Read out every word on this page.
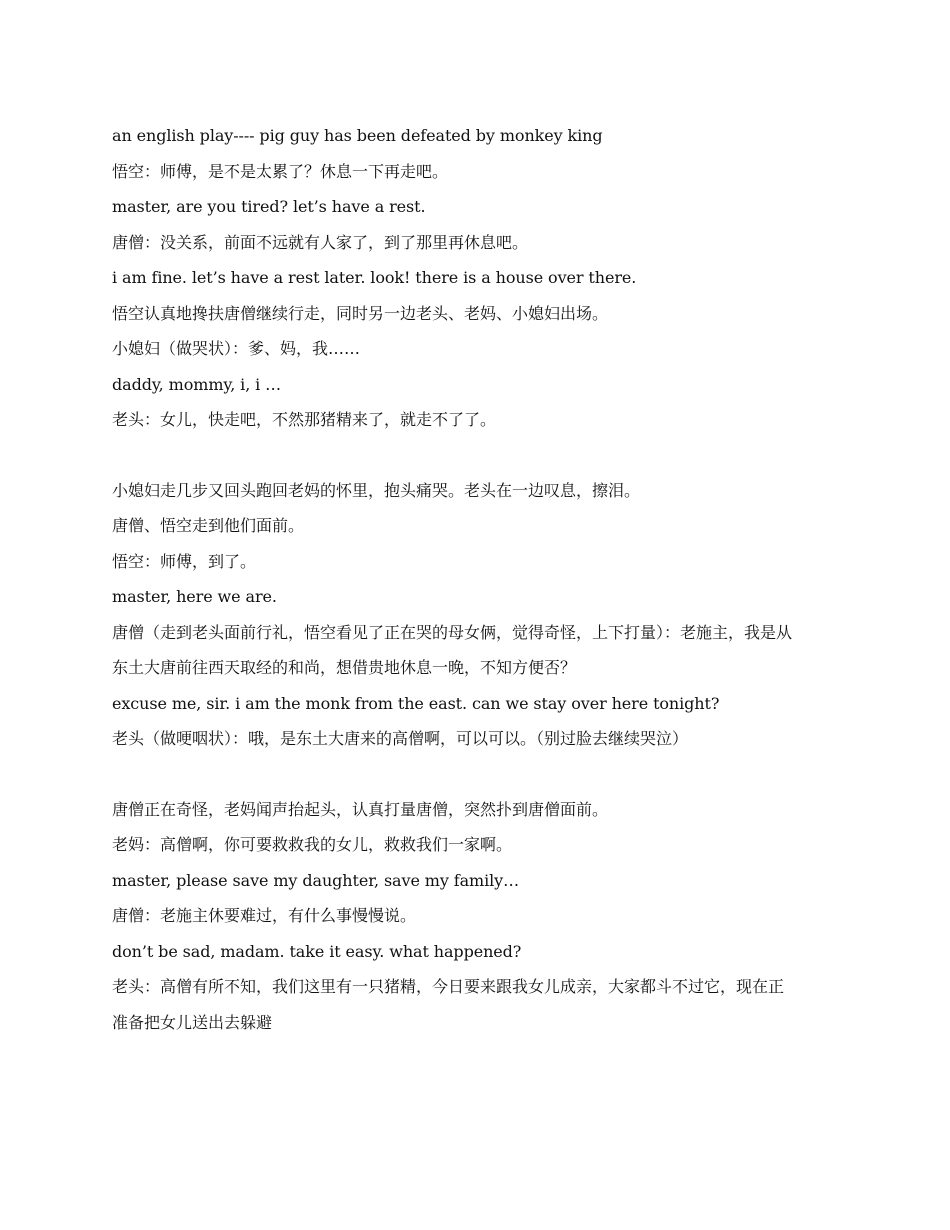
an english play---- pig guy has been defeated by monkey king

悟空：师傅，是不是太累了？休息一下再走吧。

master, are you tired? let’s have a rest.

唐僧：没关系，前面不远就有人家了，到了那里再休息吧。

i am fine. let’s have a rest later. look! there is a house over there.

悟空认真地搀扶唐僧继续行走，同时另一边老头、老妈、小媳妇出场。

小媳妇（做哭状）：爹、妈，我……

daddy, mommy, i, i …

老头：女儿，快走吧，不然那猪精来了，就走不了了。

小媳妇走几步又回头跑回老妈的怀里，抱头痛哭。老头在一边叹息，擦泪。

唐僧、悟空走到他们面前。

悟空：师傅，到了。

master, here we are.

唐僧（走到老头面前行礼，悟空看见了正在哭的母女俩，觉得奇怪，上下打量）：老施主，我是从

东土大唐前往西天取经的和尚，想借贵地休息一晚，不知方便否？

excuse me, sir. i am the monk from the east. can we stay over here tonight?

老头（做哽咽状）：哦，是东土大唐来的高僧啊，可以可以。（别过脸去继续哭泣）

唐僧正在奇怪，老妈闻声抬起头，认真打量唐僧，突然扑到唐僧面前。

老妈：高僧啊，你可要救救我的女儿，救救我们一家啊。

master, please save my daughter, save my family…

唐僧：老施主休要难过，有什么事慢慢说。

don’t be sad, madam. take it easy. what happened?

老头：高僧有所不知，我们这里有一只猪精，今日要来跟我女儿成亲，大家都斗不过它，现在正

准备把女儿送出去躲避
